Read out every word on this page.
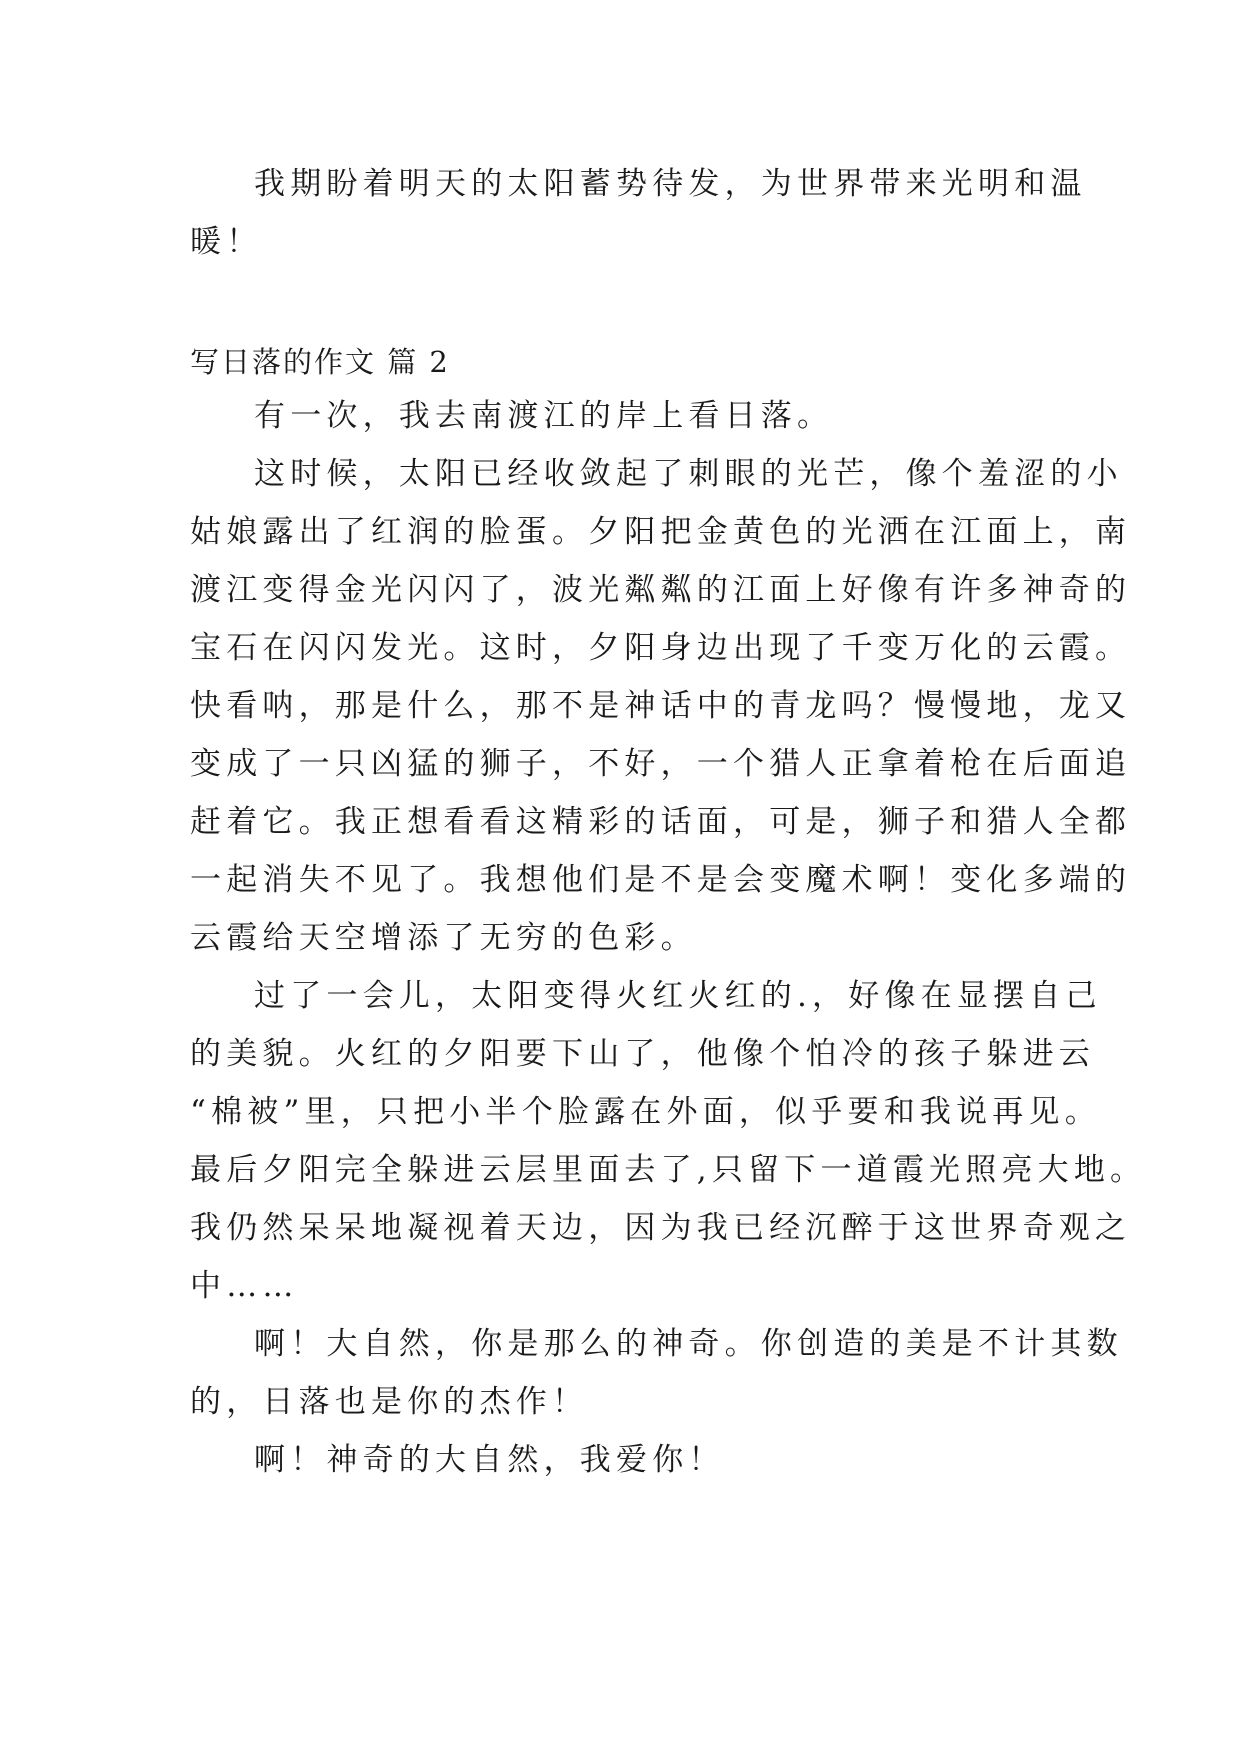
我期盼着明天的太阳蓄势待发，为世界带来光明和温
暖！
写日落的作文 篇 2
有一次，我去南渡江的岸上看日落。
这时候，太阳已经收敛起了刺眼的光芒，像个羞涩的小
姑娘露出了红润的脸蛋。夕阳把金黄色的光洒在江面上，南
渡江变得金光闪闪了，波光粼粼的江面上好像有许多神奇的
宝石在闪闪发光。这时，夕阳身边出现了千变万化的云霞。
快看呐，那是什么，那不是神话中的青龙吗？慢慢地，龙又
变成了一只凶猛的狮子，不好，一个猎人正拿着枪在后面追
赶着它。我正想看看这精彩的话面，可是，狮子和猎人全都
一起消失不见了。我想他们是不是会变魔术啊！变化多端的
云霞给天空增添了无穷的色彩。
过了一会儿，太阳变得火红火红的.，好像在显摆自己
的美貌。火红的夕阳要下山了，他像个怕冷的孩子躲进云
“棉被”里，只把小半个脸露在外面，似乎要和我说再见。
最后夕阳完全躲进云层里面去了,只留下一道霞光照亮大地。
我仍然呆呆地凝视着天边，因为我已经沉醉于这世界奇观之
中……
啊！大自然，你是那么的神奇。你创造的美是不计其数
的，日落也是你的杰作！
啊！神奇的大自然，我爱你！
